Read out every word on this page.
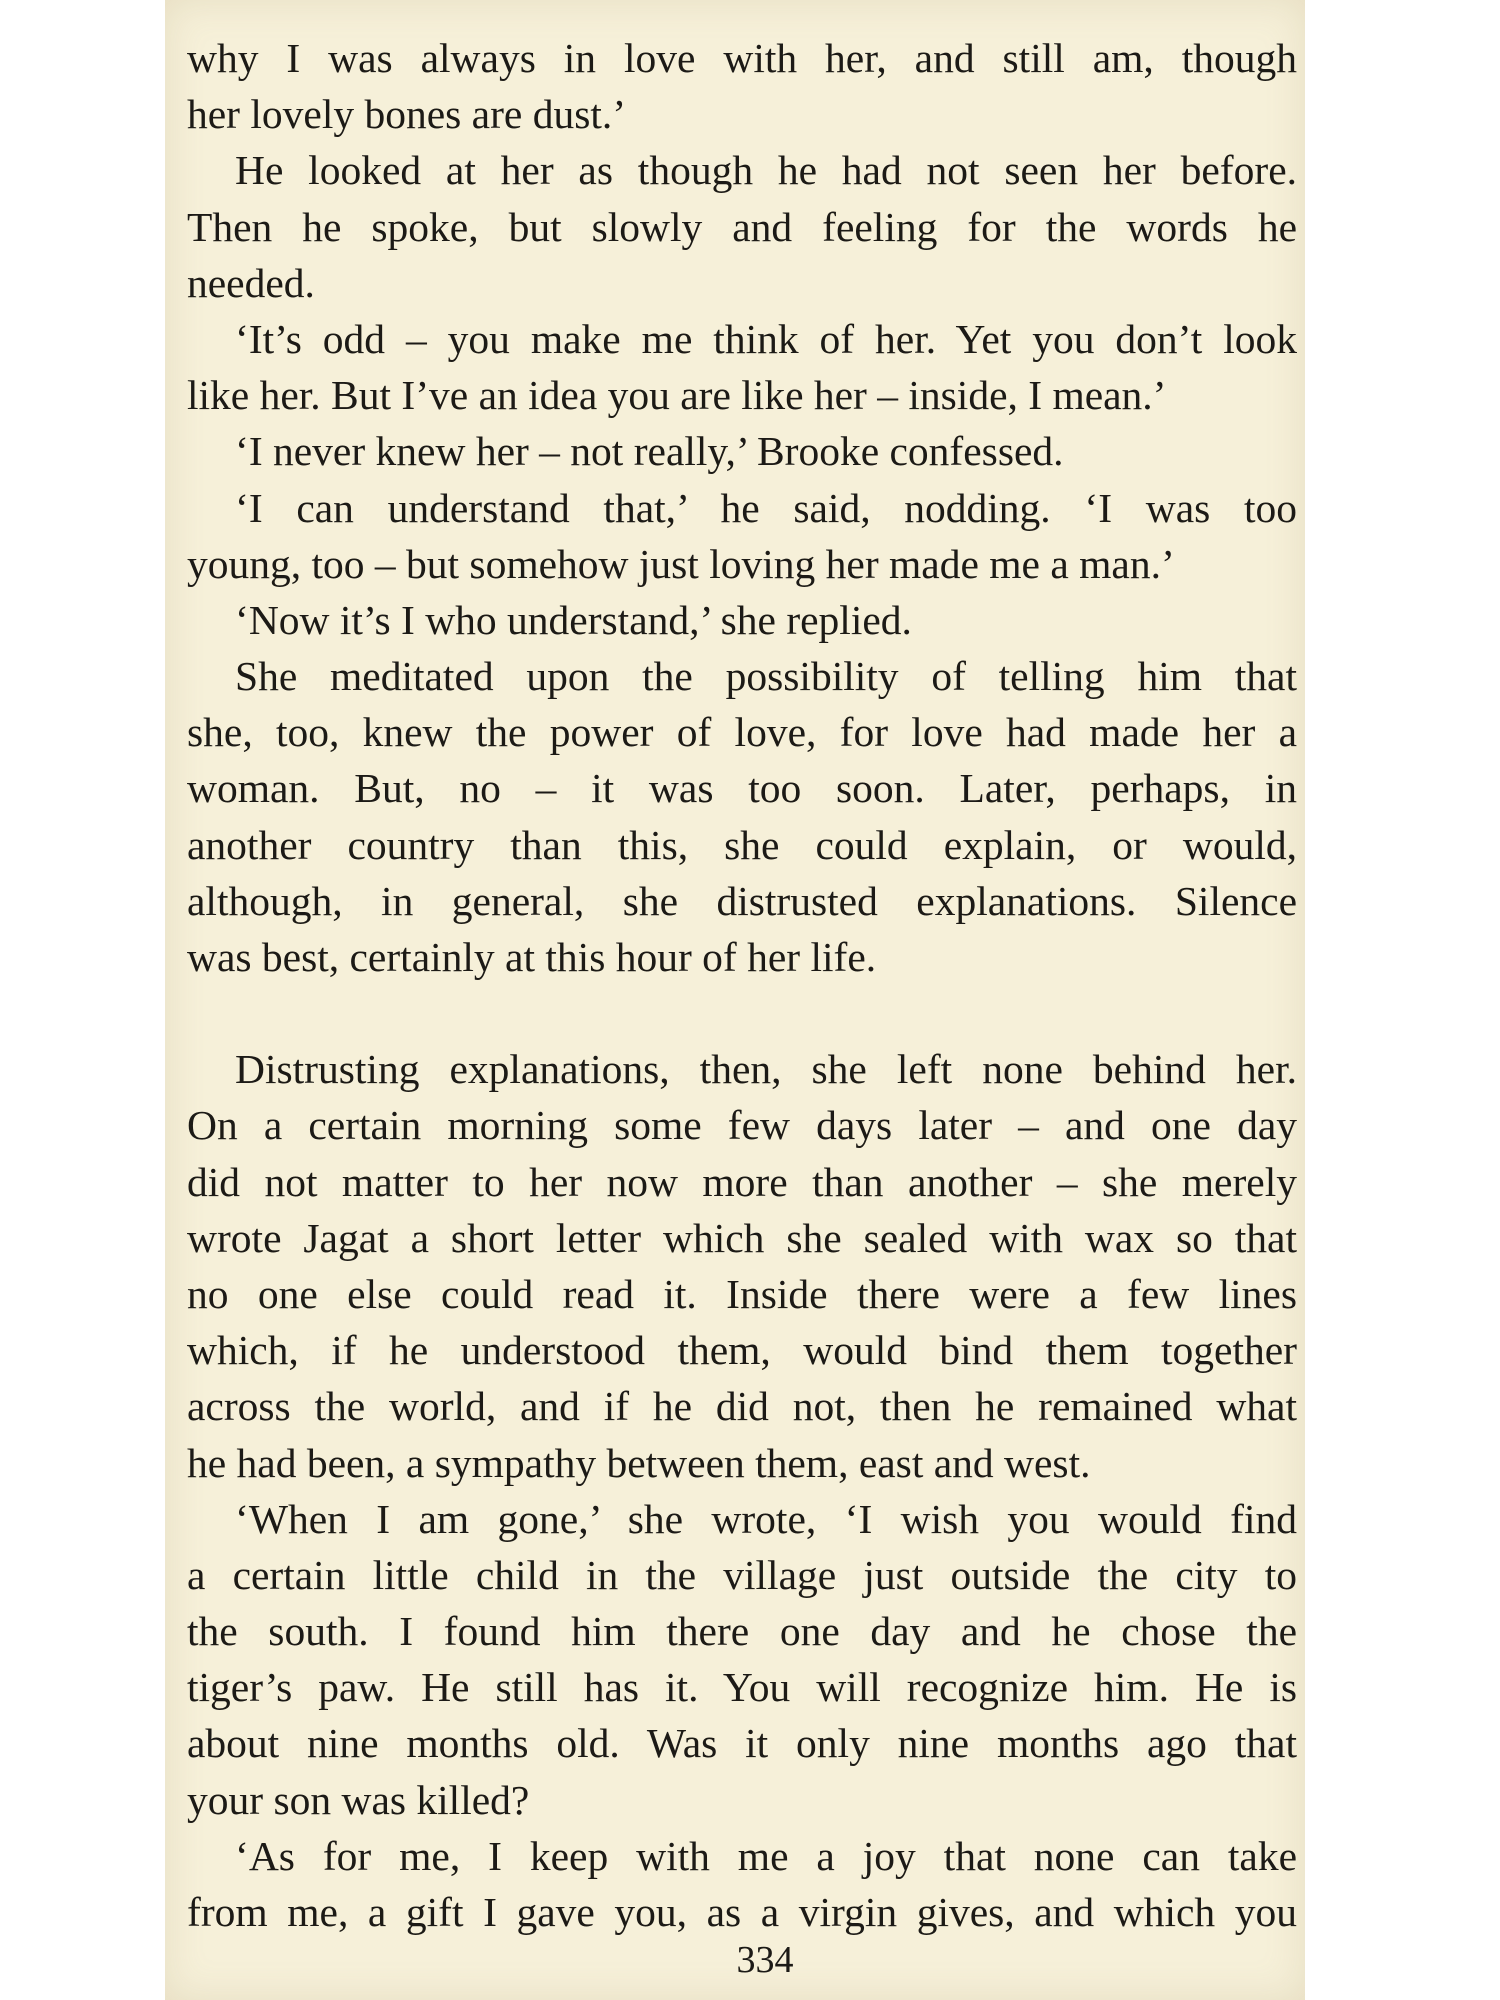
why I was always in love with her, and still am, though
her lovely bones are dust.’
He looked at her as though he had not seen her before.
Then he spoke, but slowly and feeling for the words he
needed.
‘It’s odd – you make me think of her. Yet you don’t look
like her. But I’ve an idea you are like her – inside, I mean.’
‘I never knew her – not really,’ Brooke confessed.
‘I can understand that,’ he said, nodding. ‘I was too
young, too – but somehow just loving her made me a man.’
‘Now it’s I who understand,’ she replied.
She meditated upon the possibility of telling him that
she, too, knew the power of love, for love had made her a
woman. But, no – it was too soon. Later, perhaps, in
another country than this, she could explain, or would,
although, in general, she distrusted explanations. Silence
was best, certainly at this hour of her life.
Distrusting explanations, then, she left none behind her.
On a certain morning some few days later – and one day
did not matter to her now more than another – she merely
wrote Jagat a short letter which she sealed with wax so that
no one else could read it. Inside there were a few lines
which, if he understood them, would bind them together
across the world, and if he did not, then he remained what
he had been, a sympathy between them, east and west.
‘When I am gone,’ she wrote, ‘I wish you would find
a certain little child in the village just outside the city to
the south. I found him there one day and he chose the
tiger’s paw. He still has it. You will recognize him. He is
about nine months old. Was it only nine months ago that
your son was killed?
‘As for me, I keep with me a joy that none can take
from me, a gift I gave you, as a virgin gives, and which you
334
